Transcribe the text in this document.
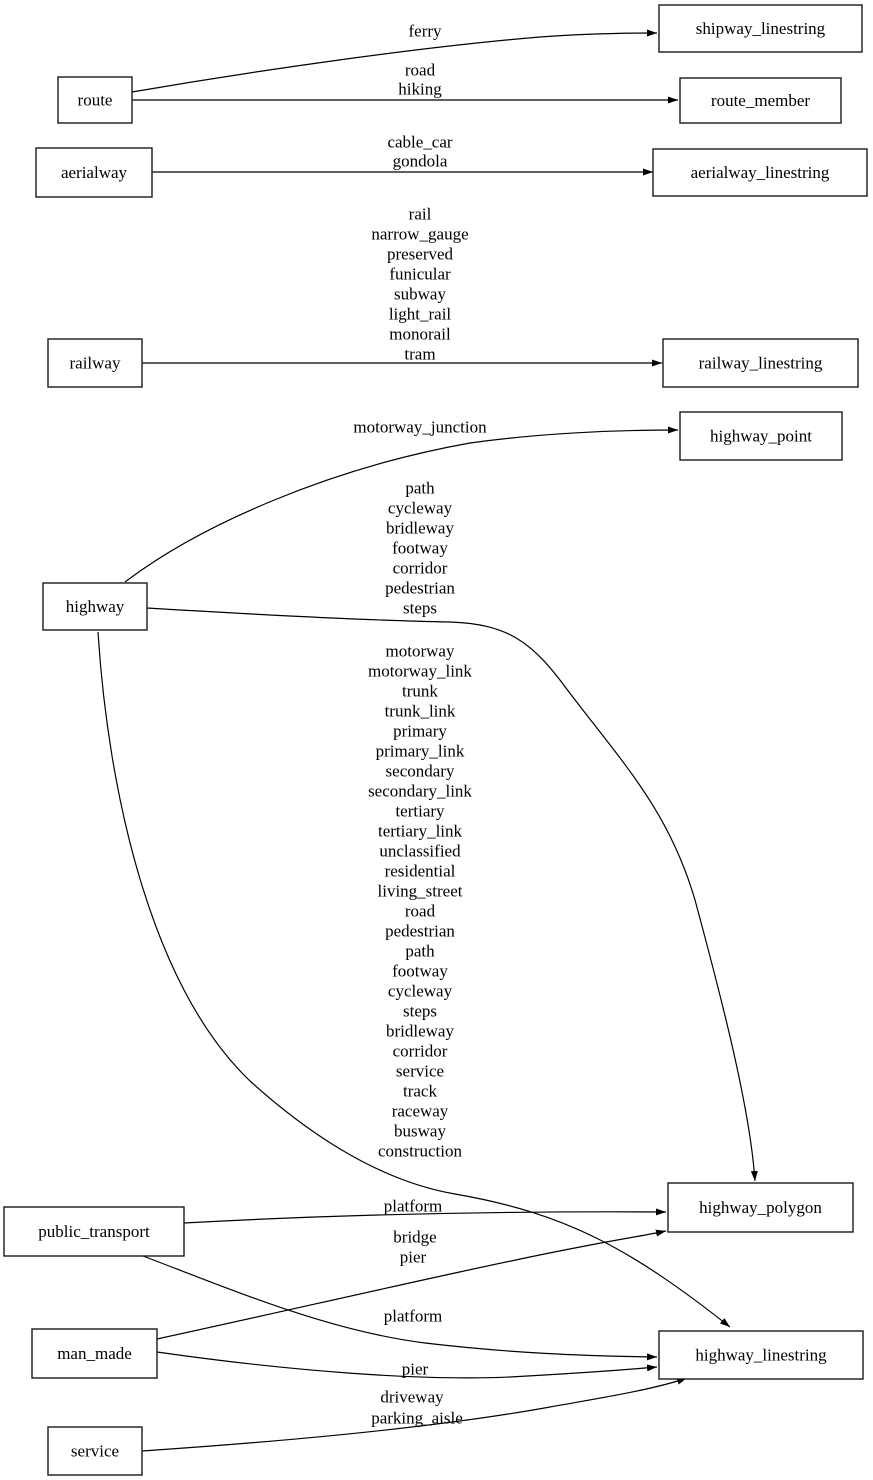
ferry
road
hiking
cable_car
gondola
rail
narrow_gauge
preserved
funicular
subway
light_rail
monorail
tram
motorway_junction
path
cycleway
bridleway
footway
corridor
pedestrian
steps
motorway
motorway_link
trunk
trunk_link
primary
primary_link
secondary
secondary_link
tertiary
tertiary_link
unclassified
residential
living_street
road
pedestrian
path
footway
cycleway
steps
bridleway
corridor
service
track
raceway
busway
construction
platform
platform
bridge
pier
pier
driveway
parking_aisle
route
shipway_linestring
route_member
aerialway	aerialway_linestring
railway	railway_linestring
highway
highway_point
highway_polygon
highway_linestring
public_transport
man_made
service
